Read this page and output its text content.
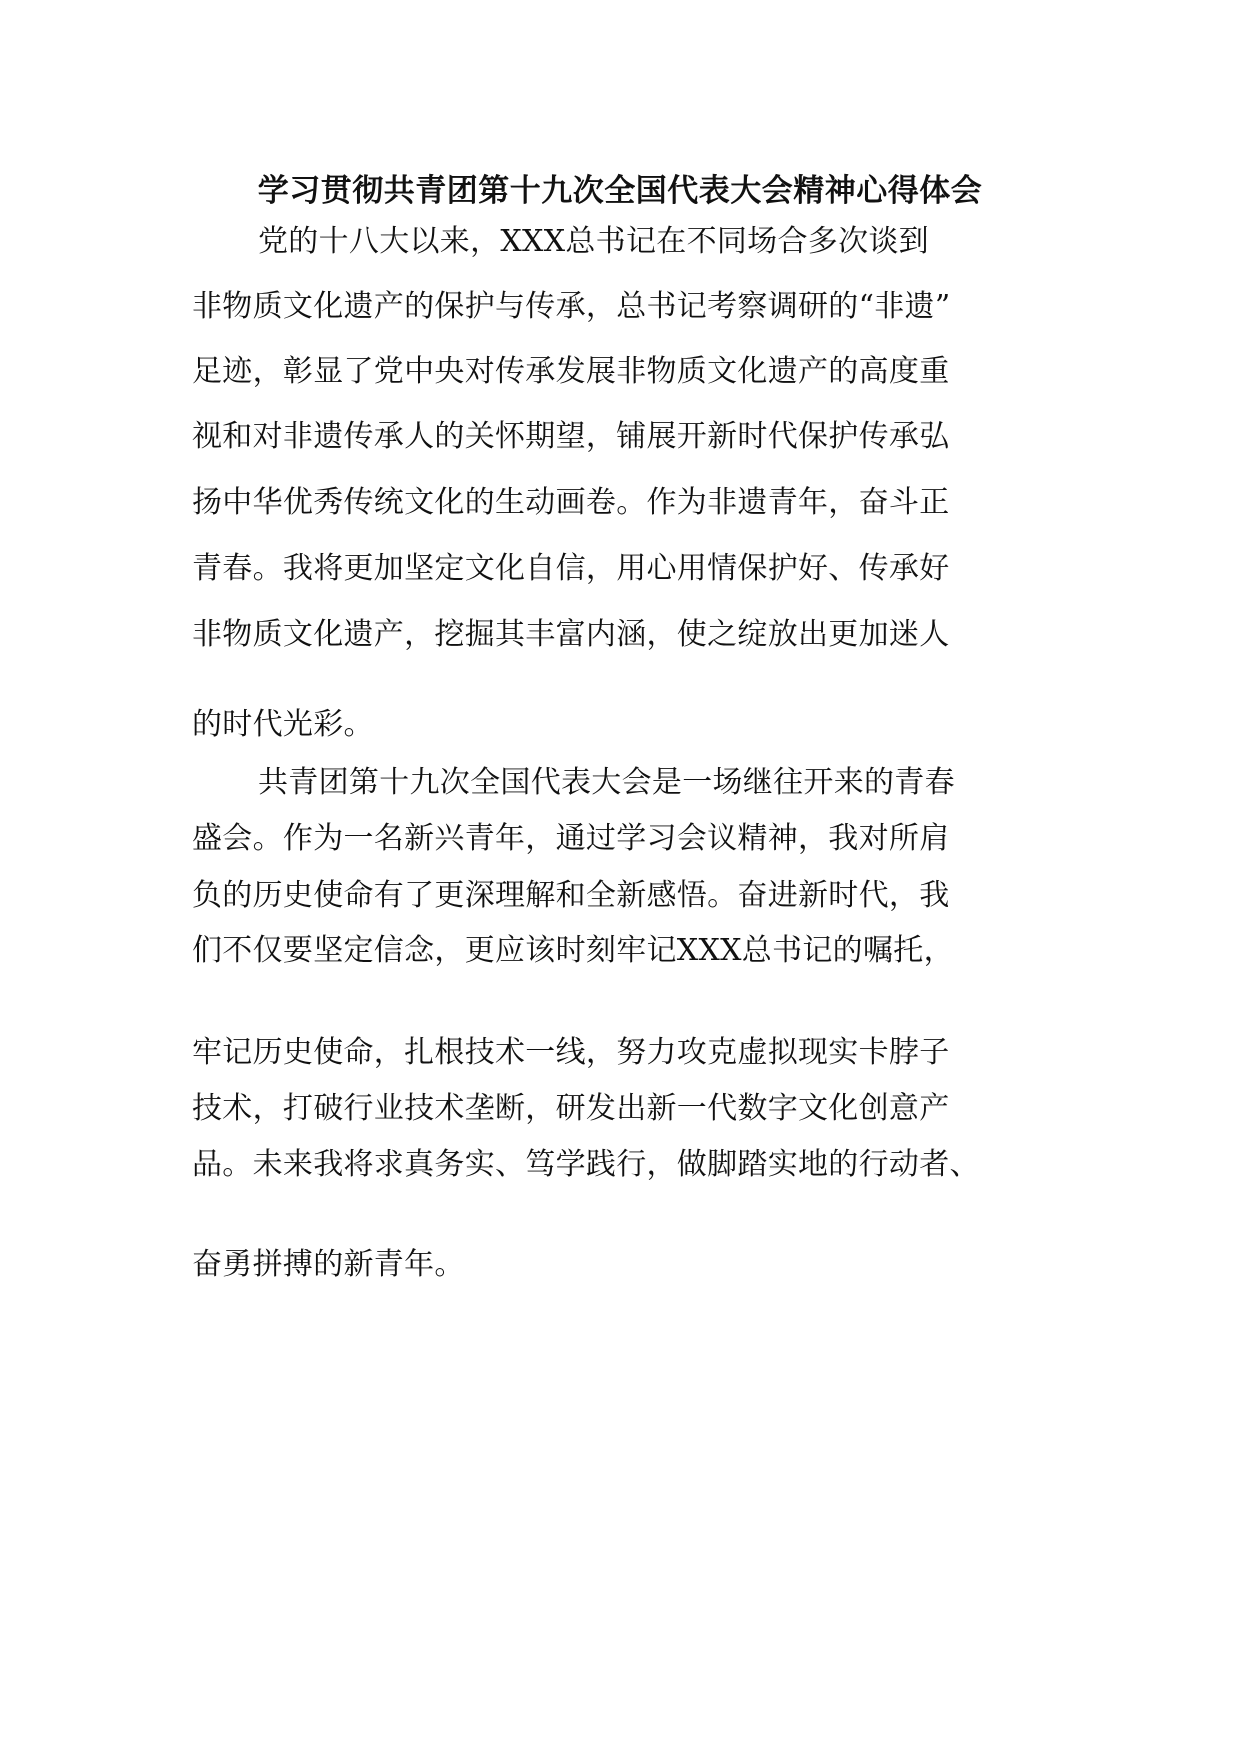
学习贯彻共青团第十九次全国代表大会精神心得体会
党的十八大以来，XXX总书记在不同场合多次谈到
非物质文化遗产的保护与传承，总书记考察调研的“非遗”
足迹，彰显了党中央对传承发展非物质文化遗产的高度重
视和对非遗传承人的关怀期望，铺展开新时代保护传承弘
扬中华优秀传统文化的生动画卷。作为非遗青年，奋斗正
青春。我将更加坚定文化自信，用心用情保护好、传承好
非物质文化遗产，挖掘其丰富内涵，使之绽放出更加迷人
的时代光彩。
共青团第十九次全国代表大会是一场继往开来的青春
盛会。作为一名新兴青年，通过学习会议精神，我对所肩
负的历史使命有了更深理解和全新感悟。奋进新时代，我
们不仅要坚定信念，更应该时刻牢记XXX总书记的嘱托，
牢记历史使命，扎根技术一线，努力攻克虚拟现实卡脖子
技术，打破行业技术垄断，研发出新一代数字文化创意产
品。未来我将求真务实、笃学践行，做脚踏实地的行动者、
奋勇拼搏的新青年。
